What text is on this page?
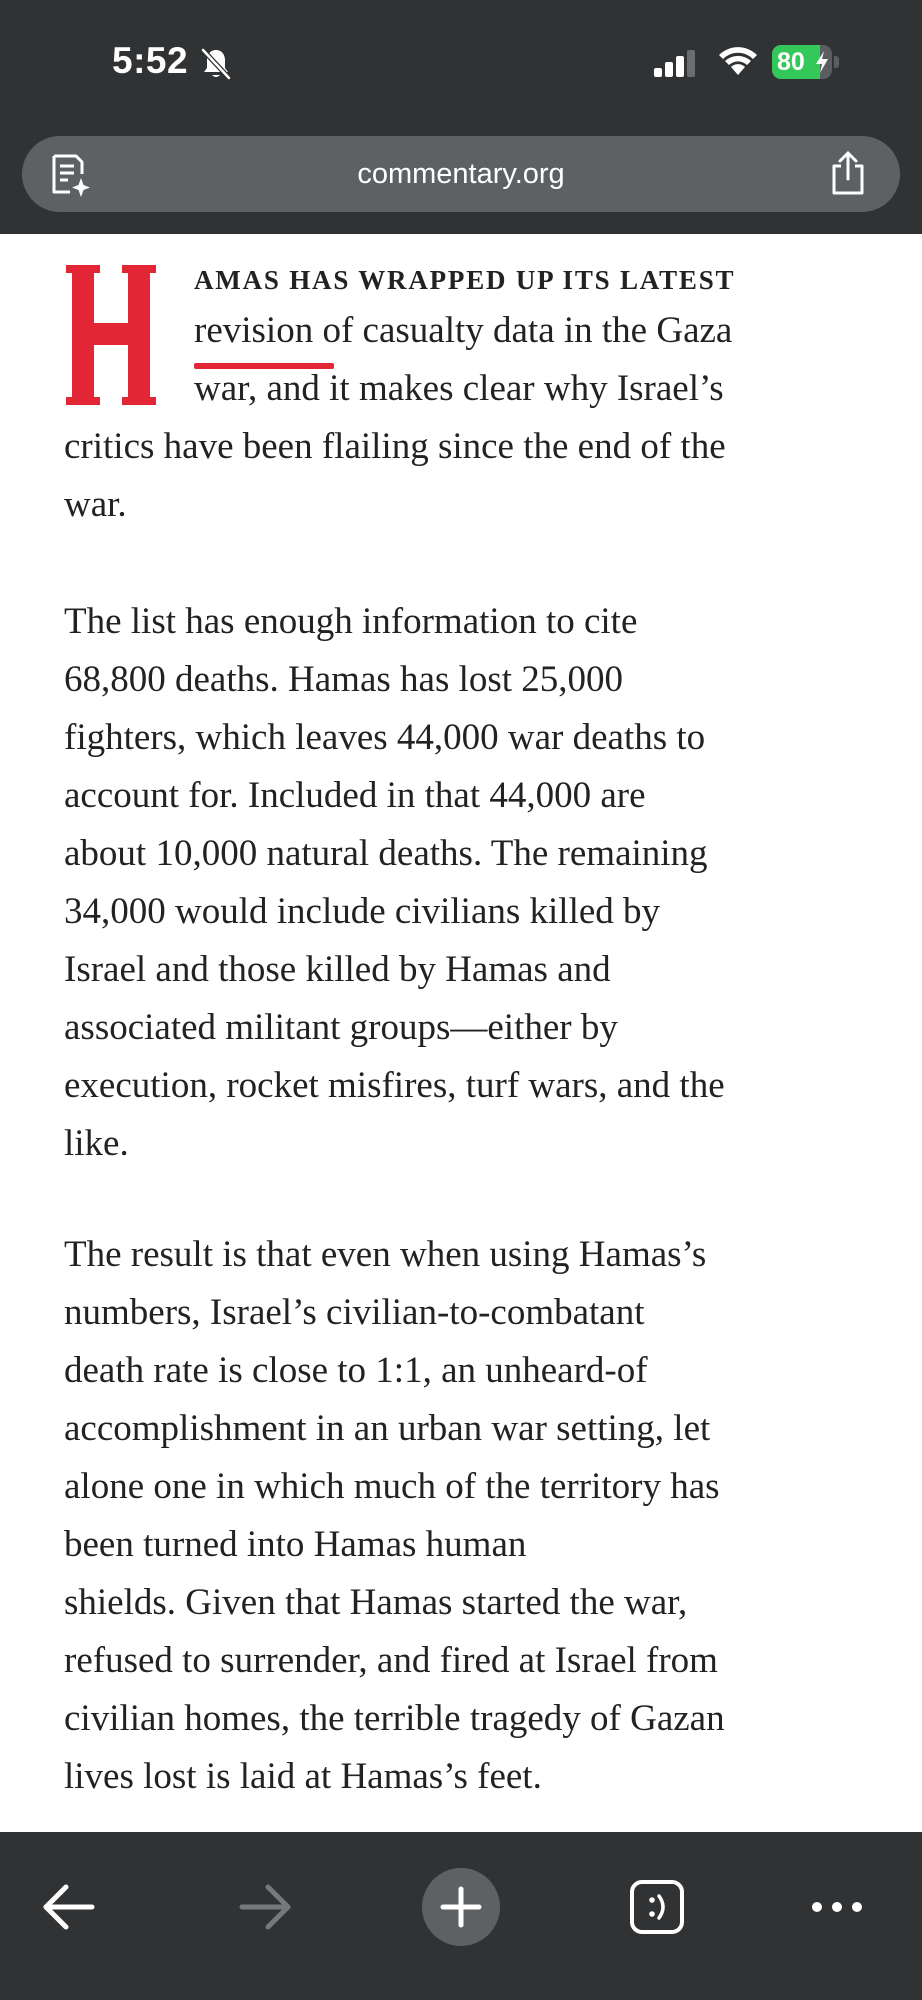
5:52	80
commentary.org
AMAS HAS WRAPPED UP ITS LATEST
revision
of casualty data in the Gaza
war, and it makes clear why Israel’s
critics have been flailing since the end of the
war.
The list has enough information to cite
68,800 deaths. Hamas has lost 25,000
fighters, which leaves 44,000 war deaths to
account for. Included in that 44,000 are
about 10,000 natural deaths. The remaining
34,000 would include civilians killed by
Israel and those killed by Hamas and
associated militant groups—either by
execution, rocket misfires, turf wars, and the
like.
The result is that even when using Hamas’s
numbers, Israel’s civilian-to-combatant
death rate is close to 1:1, an unheard-of
accomplishment in an urban war setting, let
alone one in which much of the territory has
been turned into Hamas human
shields. Given that Hamas started the war,
refused to surrender, and fired at Israel from
civilian homes, the terrible tragedy of Gazan
lives lost is laid at Hamas’s feet.
